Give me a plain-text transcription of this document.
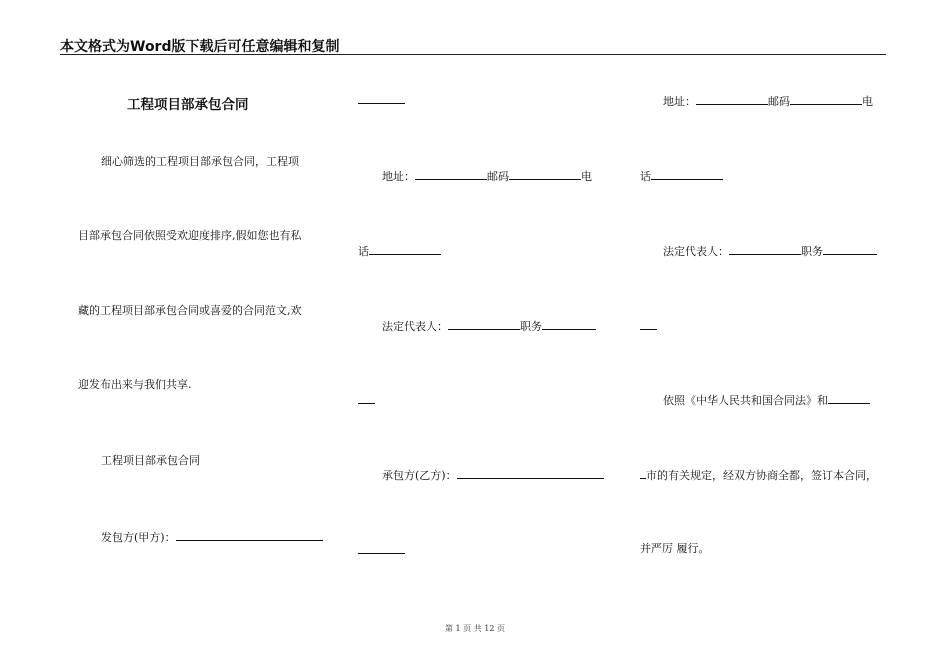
本文格式为Word版下载后可任意编辑和复制
工程项目部承包合同
细心筛选的工程项目部承包合同，工程项
目部承包合同依照受欢迎度排序,假如您也有私
藏的工程项目部承包合同或喜爱的合同范文,欢
迎发布出来与我们共享.
工程项目部承包合同
发包方(甲方)：
地址：	邮码	电
话
法定代表人：	职务
承包方(乙方)：
地址：	邮码	电
话
法定代表人：	职务
依照《中华人民共和国合同法》和
市的有关规定，经双方协商全都，签订本合同，
并严厉 履行。
第 1 页 共 12 页
